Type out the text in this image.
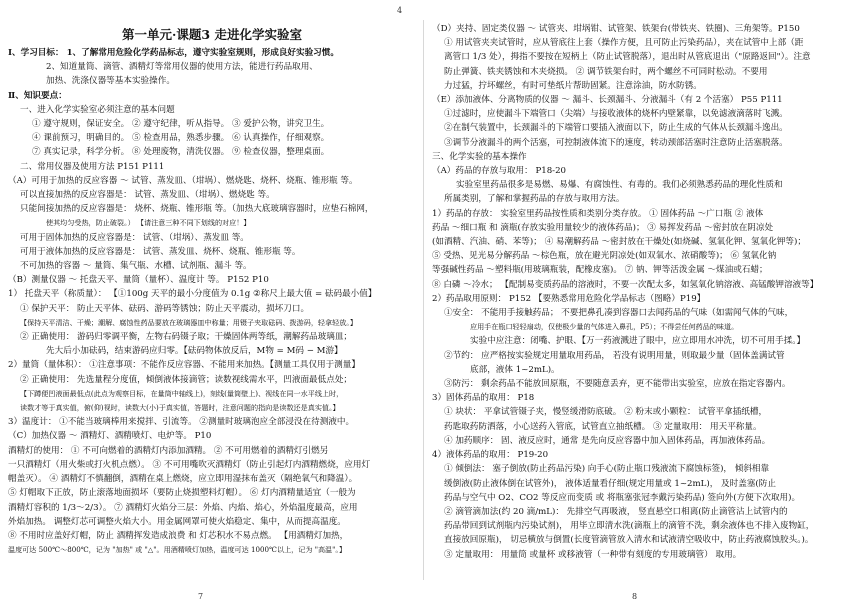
4
第一单元·课题3 走进化学实验室
Ⅰ、学习目标： 1、了解常用危险化学药品标志，遵守实验室规则，形成良好实验习惯。
2、知道量筒、滴管、酒精灯等常用仪器的使用方法，能进行药品取用、
加热、洗涤仪器等基本实验操作。
Ⅱ、知识要点：
一、进入化学实验室必须注意的基本问题
① 遵守规则，保证安全。 ② 遵守纪律，听从指导。 ③ 爱护公物，讲究卫生。
④ 课前预习，明确目的。 ⑤ 检查用品，熟悉步骤。 ⑥ 认真操作，仔细观察。
⑦ 真实记录，科学分析。 ⑧ 处理废物，清洗仪器。 ⑨ 检查仪器，整理桌面。
二、常用仪器及使用方法 P151 P111
（A）可用于加热的反应容器 ～ 试管、蒸发皿、（坩埚）、燃烧匙、烧杯、烧瓶、锥形瓶 等。
可以直接加热的反应容器是： 试管、蒸发皿、（坩埚）、燃烧匙 等。
只能间接加热的反应容器是： 烧杯、烧瓶、锥形瓶 等。（加热大底玻璃容器时，应垫石棉网，
使其均匀受热，防止破裂。） 【请注意三种不同下划线的对应！】
可用于固体加热的反应容器是： 试管、（坩埚）、蒸发皿 等。
可用于液体加热的反应容器是： 试管、蒸发皿、烧杯、烧瓶、锥形瓶 等。
不可加热的容器 ～ 量筒、集气瓶、水槽、试剂瓶、漏斗 等。
（B）测量仪器 ～ 托盘天平、量筒（量杯）、温度计 等。 P152 P10
1） 托盘天平（称质量）： 【①100g 天平的最小分度值为 0.1g ②称尺上最大值 = 砝码最小值】
① 保护天平： 防止天平体、砝码、游码等锈蚀；防止天平震动，损坏刀口。
【保持天平清洁、干燥；潮解、腐蚀性药品要放在玻璃器皿中称量；用镊子夹取砝码、拨游码，轻拿轻放。】
② 正确使用： 游码归零调平衡，左物右码镊子取；干燥固体两等纸，潮解药品玻璃皿；
先大后小加砝码，结束游码应归零。【砝码物体放反后，M物 = M码 − M游】
2）量筒（量体积）： ①注意事项：不能作反应容器、不能用来加热。【测量工具仅用于测量】
② 正确使用： 先选量程分度值，倾倒液体接滴管；读数视线需水平，凹液面最低点处；
【下蹲便凹液面最低点(此点为观察目标，在量筒中轴线上)，刻线(量筒壁上)、视线在同一水平线上时，
读数才等于真实值，俯(仰)视时，读数大(小)于真实值，答题时，注意问题的指向是读数还是真实值。】
3）温度计： ①不能当玻璃棒用来搅拌、引流等。 ②测量时玻璃泡应全部浸没在待测液中。
（C）加热仪器 ～ 酒精灯、酒精喷灯、电炉等。 P10
酒精灯的使用： ① 不可向燃着的酒精灯内添加酒精。 ② 不可用燃着的酒精灯引燃另
一只酒精灯（用火柴或打火机点燃）。 ③ 不可用嘴吹灭酒精灯（防止引起灯内酒精燃烧，应用灯
帽盖灭）。 ④ 酒精灯不慎翻倒，酒精在桌上燃烧，应立即用湿抹布盖灭（隔绝氧气和降温）。
⑤ 灯帽取下正放，防止滚落地面损坏（要防止烧损塑料灯帽）。 ⑥ 灯内酒精量适宜（一般为
酒精灯容积的 1/3～2/3）。 ⑦ 酒精灯火焰分三层：外焰、内焰、焰心，外焰温度最高，应用
外焰加热。 调整灯芯可调整火焰大小。用金属网罩可使火焰稳定、集中，从而提高温度。
⑧ 不用时应盖好灯帽，防止 酒精挥发造成浪费 和 灯芯积水不易点燃。 【用酒精灯加热，
温度可达 500℃～800℃，记为 "加热" 或 "△"。用酒精喷灯加热，温度可达 1000℃以上，记为 "高温"。】
（D）夹持、固定类仪器 ～ 试管夹、坩埚钳、试管架、铁架台(带铁夹、铁圈)、三角架等。P150
① 用试管夹夹试管时，应从管底往上套（操作方便，且可防止污染药品），夹在试管中上部（距
离管口 1/3 处），拇指不要按在短柄上（防止试管脱落），退出时从管底退出（"原路返回"）。注意
防止弹簧、铁夹锈蚀和木夹烧损。 ② 调节铁架台时，两个螺丝不可同时松动。不要用
力过猛，拧坏螺丝，有时可垫纸片帮助固紧。注意涂油，防水防锈。
（E）添加液体、分离物质的仪器 ～ 漏斗、长颈漏斗、分液漏斗（有 2 个活塞） P55 P111
①过滤时，应使漏斗下端管口（尖端）与接收液体的烧杯内壁紧靠，以免滤液滴落时飞溅。
②在制气装置中，长颈漏斗的下端管口要插入液面以下，防止生成的气体从长颈漏斗逸出。
③调节分液漏斗的两个活塞，可控制液体流下的速度，转动颈部活塞时注意防止活塞脱落。
三、化学实验的基本操作
（A）药品的存放与取用： P18-20
实验室里药品很多是易燃、易爆、有腐蚀性、有毒的。我们必须熟悉药品的理化性质和
所属类别，了解和掌握药品的存放与取用方法。
1）药品的存放： 实验室里药品按性质和类别分类存放。 ① 固体药品 ～广口瓶 ② 液体
药品 ～细口瓶 和 滴瓶(存放实验用量较少的液体药品)； ③ 易挥发药品 ～密封放在阴凉处
(如酒精、汽油、硝、苯等)； ④ 易潮解药品 ～密封放在干燥处(如烧碱、氢氧化钾、氢氧化钾等)；
⑤ 受热、见光易分解药品 ～棕色瓶，放在避光阴凉处(如双氧水、浓硝酸等)； ⑥ 氢氧化钠
等强碱性药品 ～塑料瓶(用玻璃瓶装，配橡皮塞)。 ⑦ 钠、钾等活泼金属 ～煤油或石蜡；
⑧ 白磷 ～冷水； 【配制易变质药品的溶液时，不要一次配太多，如氢氧化钠溶液、高锰酸钾溶液等】
2）药品取用原则： P152 【要熟悉常用危险化学品标志（图略）P19】
①安全： 不能用手接触药品； 不要把鼻孔凑到容器口去闻药品的气味（如需闻气体的气味，
应用手在瓶口轻轻扇动，仅使极少量的气体进入鼻孔，P5）；不得尝任何药品的味道。
实验中应注意：闭嘴、护眼、【万一药液溅进了眼中，应立即用水冲洗，切不可用手揉。】
②节约： 应严格按实验规定用量取用药品， 若没有说明用量，则取最少量（固体盖满试管
底部，液体 1~2mL)。
③防污： 剩余药品不能放回原瓶，不要随意丢弃，更不能带出实验室，应放在指定容器内。
3）固体药品的取用： P18
① 块状： 平拿试管镊子夹，慢竖缓滑防底破。 ② 粉末或小颗粒： 试管平拿插纸槽，
药匙取药防洒落，小心送药入管底，试管直立抽纸槽。 ③ 定量取用： 用天平称量。
④ 加药顺序： 固、液反应时，通常 是先向反应容器中加入固体药品，再加液体药品。
4）液体药品的取用： P19-20
① 倾倒法： 塞子倒放(防止药品污染) 向手心(防止瓶口残液流下腐蚀标签)， 倾斜相靠
缓倒液(防止液体倒在试管外)， 液体适量看仔细(规定用量或 1~2mL)， 及时盖塞(防止
药品与空气中 O2、CO2 等反应而变质 或 将瓶塞张冠李戴污染药品) 签向外(方便下次取用)。
② 滴管滴加法(约 20 滴/mL)： 先排空气再吸液， 竖直悬空口相离(防止滴管沾上试管内的
药品带回到试剂瓶内污染试剂)， 用毕立即清水洗(滴瓶上的滴管不洗，剩余液体也不排入废物缸，
直接放回原瓶)， 切忌横放与倒置(长度管滴管放入清水和试液清空吸收中，防止药液腐蚀胶头。)。
③ 定量取用： 用量筒 或量杯 或移液管（一种带有刻度的专用玻璃管） 取用。
7	8
